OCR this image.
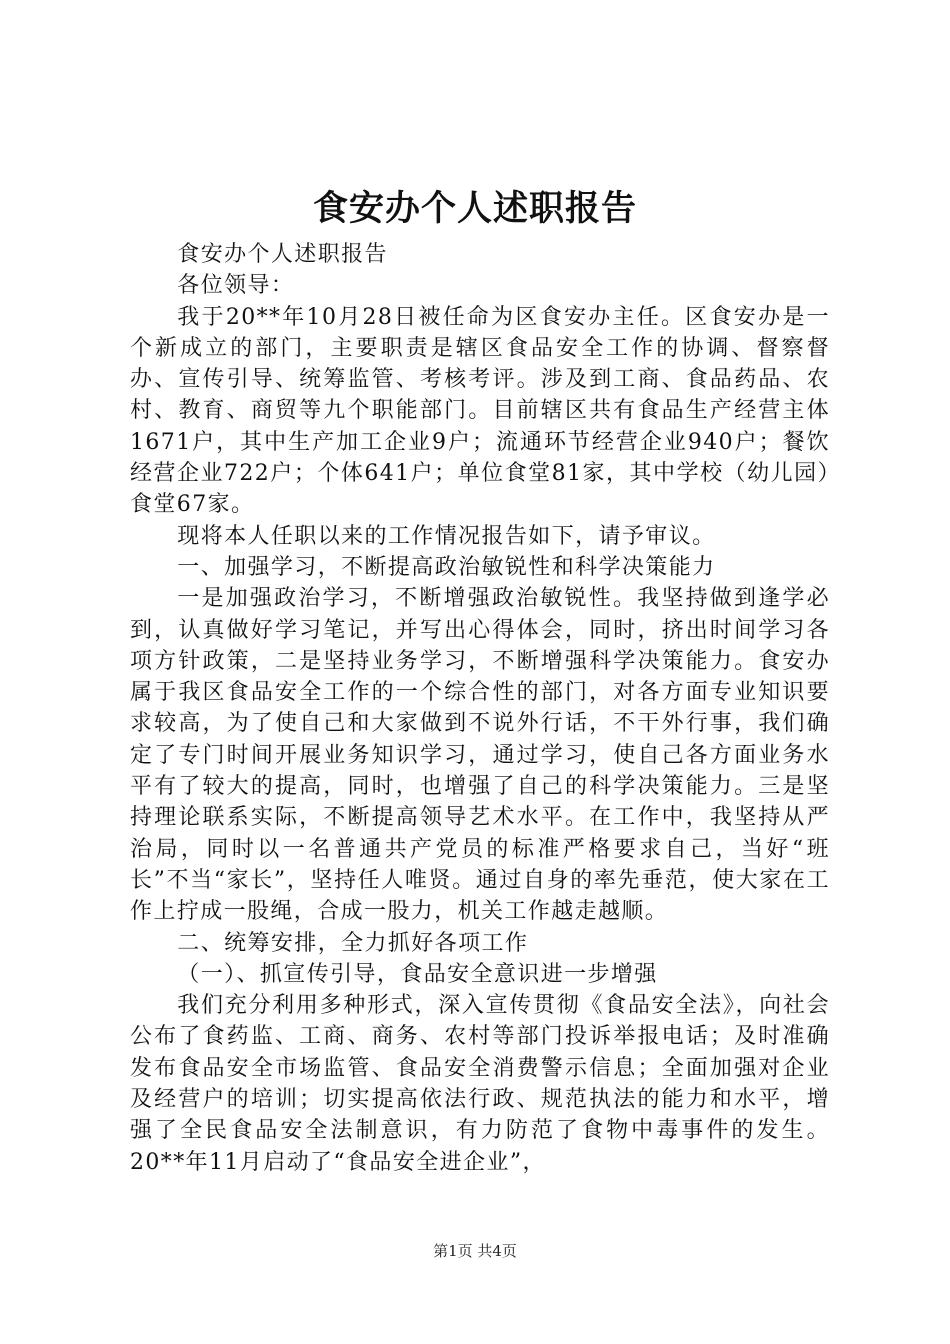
食安办个人述职报告

食安办个人述职报告

各位领导：

我于20**年10月28日被任命为区食安办主任。区食安办是一个新成立的部门，主要职责是辖区食品安全工作的协调、督察督办、宣传引导、统筹监管、考核考评。涉及到工商、食品药品、农村、教育、商贸等九个职能部门。目前辖区共有食品生产经营主体1671户，其中生产加工企业9户；流通环节经营企业940户；餐饮经营企业722户；个体641户；单位食堂81家，其中学校（幼儿园）食堂67家。

现将本人任职以来的工作情况报告如下，请予审议。

一、加强学习，不断提高政治敏锐性和科学决策能力

一是加强政治学习，不断增强政治敏锐性。我坚持做到逢学必到，认真做好学习笔记，并写出心得体会，同时，挤出时间学习各项方针政策，二是坚持业务学习，不断增强科学决策能力。食安办属于我区食品安全工作的一个综合性的部门，对各方面专业知识要求较高，为了使自己和大家做到不说外行话，不干外行事，我们确定了专门时间开展业务知识学习，通过学习，使自己各方面业务水平有了较大的提高，同时，也增强了自己的科学决策能力。三是坚持理论联系实际，不断提高领导艺术水平。在工作中，我坚持从严治局，同时以一名普通共产党员的标准严格要求自己，当好“班长”不当“家长”，坚持任人唯贤。通过自身的率先垂范，使大家在工作上拧成一股绳，合成一股力，机关工作越走越顺。

二、统筹安排，全力抓好各项工作

（一）、抓宣传引导，食品安全意识进一步增强

我们充分利用多种形式，深入宣传贯彻《食品安全法》，向社会公布了食药监、工商、商务、农村等部门投诉举报电话；及时准确发布食品安全市场监管、食品安全消费警示信息；全面加强对企业及经营户的培训；切实提高依法行政、规范执法的能力和水平，增强了全民食品安全法制意识，有力防范了食物中毒事件的发生。20**年11月启动了“食品安全进企业”，

第1页 共4页
